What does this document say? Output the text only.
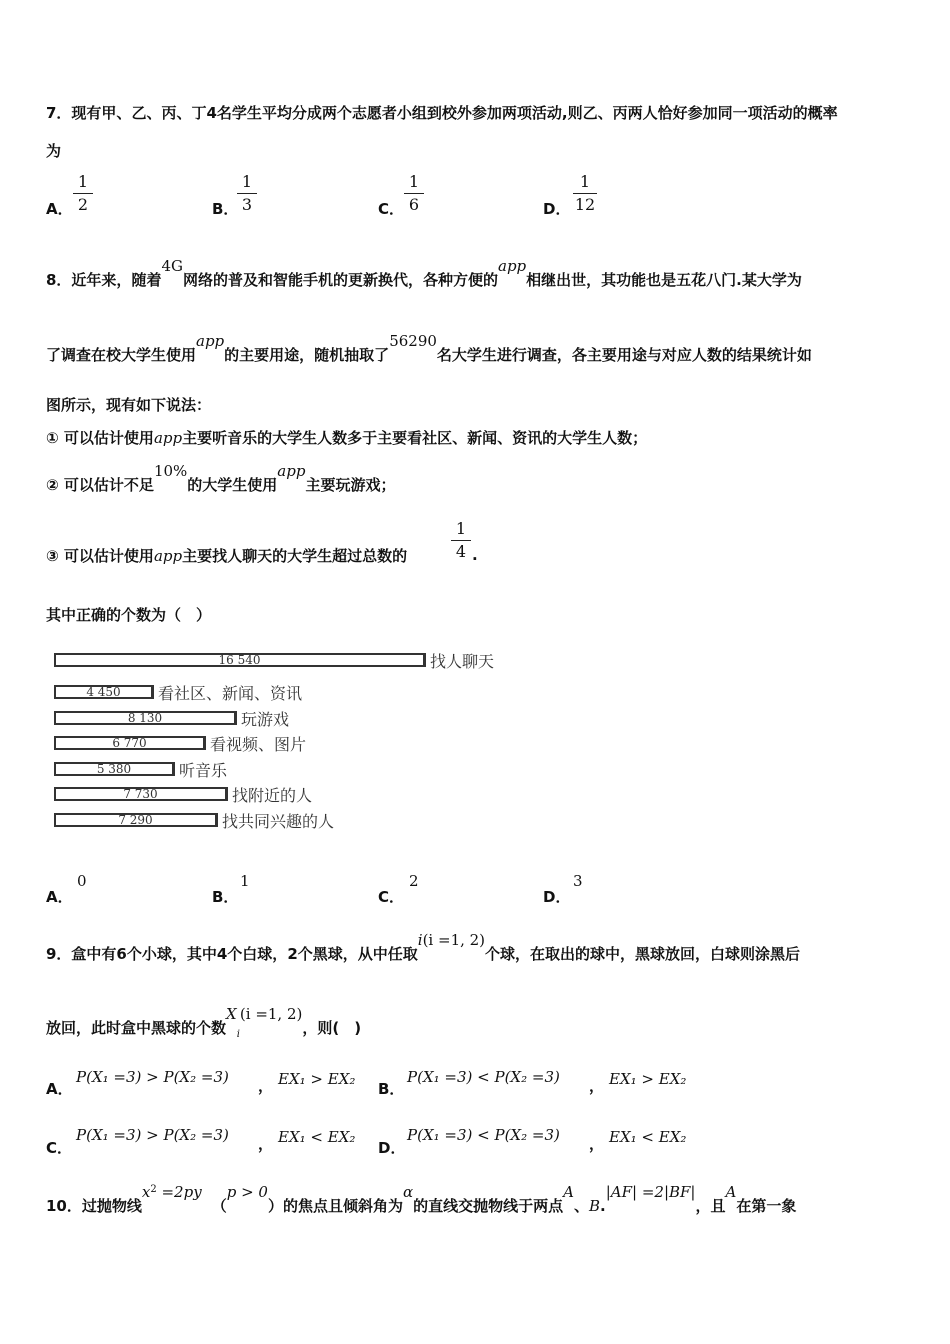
7．现有甲、乙、丙、丁4名学生平均分成两个志愿者小组到校外参加两项活动,则乙、丙两人恰好参加同一项活动的概率
为
A．
1
2	B．
1
3	C．
1
6	D．
1
12
8．近年来，随着4G网络的普及和智能手机的更新换代，各种方便的app相继出世，其功能也是五花八门.某大学为
了调查在校大学生使用app的主要用途，随机抽取了56290名大学生进行调查，各主要用途与对应人数的结果统计如
图所示，现有如下说法：
① 可以估计使用app主要听音乐的大学生人数多于主要看社区、新闻、资讯的大学生人数；
② 可以估计不足10%的大学生使用app主要玩游戏；
③ 可以估计使用app主要找人聊天的大学生超过总数的
1
4 .
其中正确的个数为（　）
16 540	找人聊天
4 450	看社区、新闻、资讯
8 130	玩游戏
6 770	看视频、图片
5 380	听音乐
7 730	找附近的人
7 290	找共同兴趣的人
A．
0
B．
1
C．
2
D．
3
9．盒中有6个小球，其中4个白球，2个黑球，从中任取i(i =1, 2)个球，在取出的球中，黑球放回，白球则涂黑后
放回，此时盒中黑球的个数$X_i(i =1$, 2)，则(　)
A．
P(X₁ =3) > P(X₂ =3) ， EX₁ > EX₂
B．
P(X₁ =3) < P(X₂ =3) ， EX₁ > EX₂
C．
P(X₁ =3) > P(X₂ =3) ， EX₁ < EX₂
D．
P(X₁ =3) < P(X₂ =3) ， EX₁ < EX₂
10．过抛物线$x^2 =2py(p > 0)$的焦点且倾斜角为α的直线交抛物线于两点A、B.|AF| =2|BF|，且A在第一象
